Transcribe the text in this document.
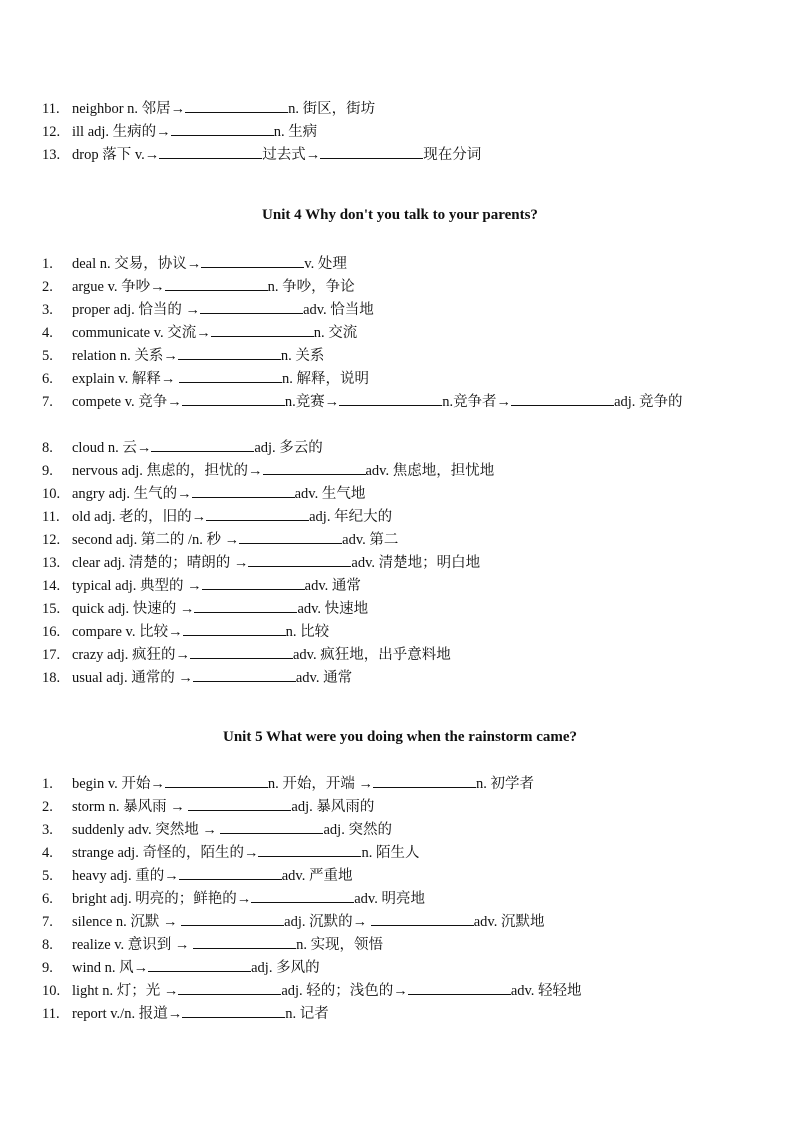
11. neighbor n. 邻居→	n. 街区，街坊
12. ill adj. 生病的→	n. 生病
13. drop 落下 v.→	过去式→	现在分词
Unit 4 Why don't you talk to your parents?
1.	deal n. 交易，协议→	v. 处理
2.	argue v. 争吵→	n. 争吵，争论
3.	proper adj. 恰当的 →	adv. 恰当地
4.	communicate v. 交流→	n. 交流
5.	relation n. 关系→	n. 关系
6.	explain v. 解释→	n. 解释，说明
7.	compete v. 竞争→	n.竞赛→	n.竞争者→	adj. 竞争的
8.	cloud n. 云→	adj. 多云的
9.	nervous adj. 焦虑的，担忧的→	adv. 焦虑地，担忧地
10. angry adj. 生气的→	adv. 生气地
11. old adj. 老的，旧的→	adj. 年纪大的
12. second adj. 第二的 /n. 秒 →	adv. 第二
13. clear adj. 清楚的；晴朗的 →	adv. 清楚地；明白地
14. typical adj. 典型的 →	adv. 通常
15. quick adj. 快速的 →	adv. 快速地
16. compare v. 比较→	n. 比较
17. crazy adj. 疯狂的→	adv. 疯狂地，出乎意料地
18. usual adj. 通常的 →	adv. 通常
Unit 5 What were you doing when the rainstorm came?
1.	begin v. 开始→	n. 开始，开端 →	n. 初学者
2.	storm n. 暴风雨 →	adj. 暴风雨的
3.	suddenly adv. 突然地 →	adj. 突然的
4.	strange adj. 奇怪的，陌生的→	n. 陌生人
5.	heavy adj. 重的→	adv. 严重地
6.	bright adj. 明亮的；鲜艳的→	adv. 明亮地
7.	silence n. 沉默 →	adj. 沉默的→	adv. 沉默地
8.	realize v. 意识到 →	n. 实现，领悟
9.	wind n. 风→	adj. 多风的
10. light n. 灯；光 →	adj. 轻的；浅色的→	adv. 轻轻地
11. report v./n. 报道→	n. 记者
